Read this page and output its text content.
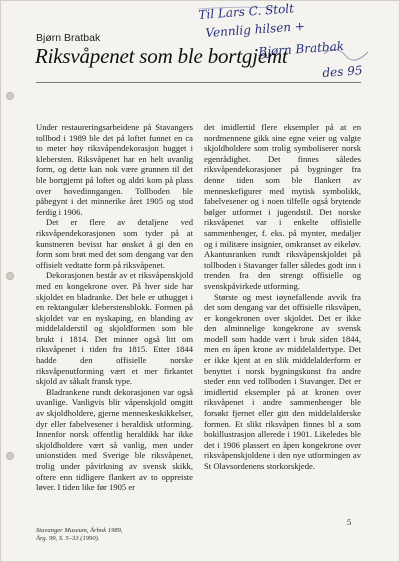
Til Lars C. Stolt
Vennlig hilsen +
Bjørn Bratbak
des 95
Bjørn Bratbak
Riksvåpenet som ble bortgjemt

Under restaureringsarbeidene på Stavangers tollbod i 1989 ble det på loftet funnet en ca to meter høy riksvåpendekorasjon hugget i klebersten. Riksvåpenet har en helt uvanlig form, og dette kan nok være grunnen til det ble bortgjemt på loftet og aldri kom på plass over hovedinngangen. Tollboden ble påbegynt i det minnerike året 1905 og stod ferdig i 1906.

Det er flere av detaljene ved riksvåpendekorasjonen som tyder på at kunstneren bevisst har ønsket å gi den en form som brøt med det som dengang var den offisielt vedtatte form på riksvåpenet.

Dekorasjonen består av et riksvåpenskjold med en kongekrone over. På hver side har skjoldet en bladranke. Det hele er uthugget i en rektangulær kleberstensblokk. Formen på skjoldet var en nyskaping, en blanding av middelalderstil og skjoldformen som ble brukt i 1814. Det minner også litt om riksvåpenet i tiden fra 1815. Etter 1844 hadde den offisielle norske riksvåpenutforming vært et mer firkantet skjold av såkalt fransk type.

Bladrankene rundt dekorasjonen var også uvanlige. Vanligvis blir våpenskjold omgitt av skjoldholdere, gjerne menneskeskikkelser, dyr eller fabelvesener i heraldisk utforming. Innenfor norsk offentlig heraldikk har ikke skjoldholdere vært så vanlig, men under unionstiden med Sverige ble riksvåpenet, trolig under påvirkning av svensk skikk, oftere enn tidligere flankert av to oppreiste løver. I tiden like før 1905 er

det imidlertid flere eksempler på at en nordmennene gikk sine egne veier og valgte skjoldholdere som trolig symboliserer norsk egenrådighet. Det finnes således riksvåpendekorasjoner på bygninger fra denne tiden som ble flankert av menneskefigurer med mytisk symbolikk, fabelvesener og i noen tilfelle også brytende bølger utformet i jugendstil. Det norske riksvåpenet var i enkelte offisielle sammenhenger, f. eks. på mynter, medaljer og i militære insignier, omkranset av eikeløv. Akantusranken rundt riksvåpenskjoldet på tollboden i Stavanger faller således godt inn i trenden fra den strengt offisielle og svenskpåvirkede utforming.

Største og mest iøynefallende avvik fra det som dengang var det offisielle riksvåpen, er kongekronen over skjoldet. Det er ikke den alminnelige kongekrone av svensk modell som hadde vært i bruk siden 1844, men en åpen krone av middelaldertype. Det er ikke kjent at en slik middelalderform er benyttet i norsk bygningskunst fra andre steder enn ved tollboden i Stavanger. Det er imidlertid eksempler på at kronen over riksvåpenet i andre sammenhenger ble forsøkt fjernet eller gitt den middelalderske formen. Et slikt riksvåpen finnes bl a som bokillustrasjon allerede i 1901. Likeledes ble det i 1906 plassert en åpen kongekrone over riksvåpenskjoldene i den nye utformingen av St Olavsordenens storkorskjede.

Stavanger Museum, Årbok 1989,
Årg. 99, S. 5–33 (1990).
5
